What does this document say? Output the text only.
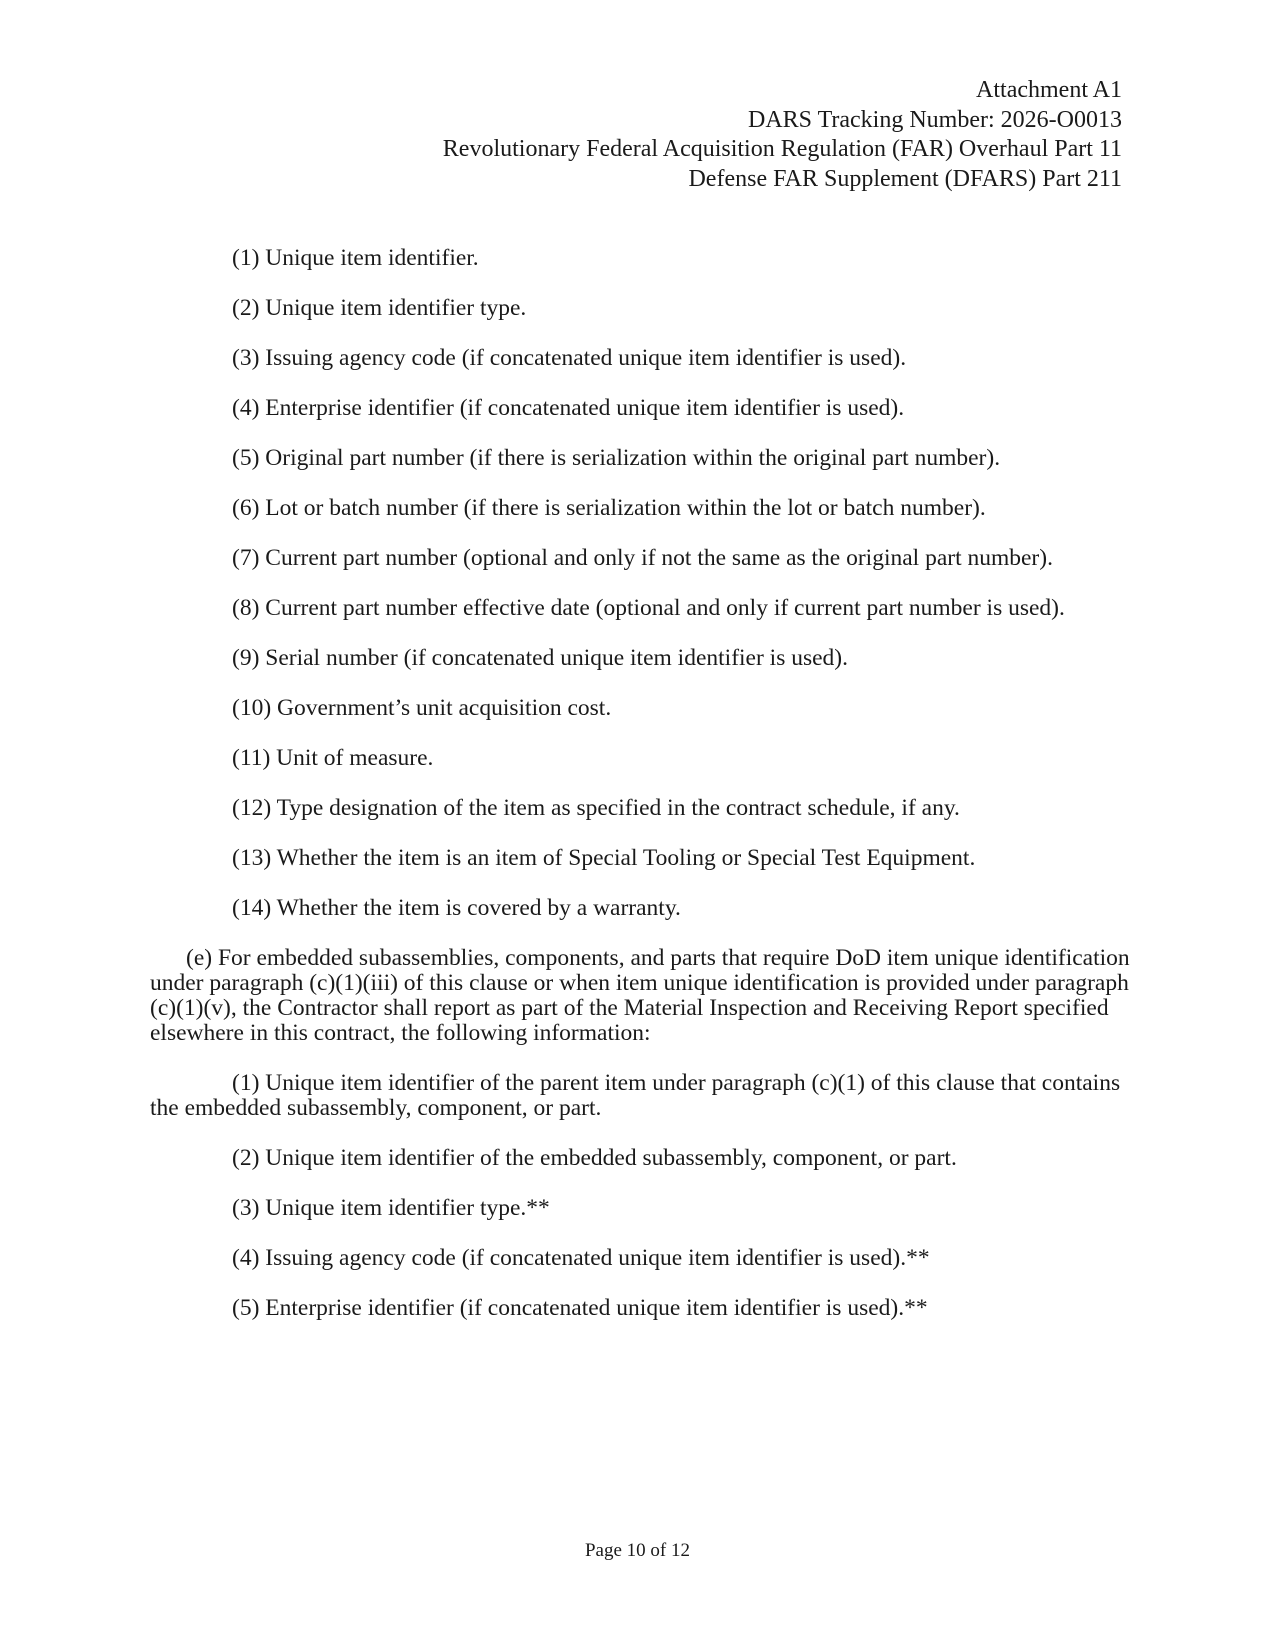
Attachment A1
DARS Tracking Number: 2026-O0013
Revolutionary Federal Acquisition Regulation (FAR) Overhaul Part 11
Defense FAR Supplement (DFARS) Part 211

(1) Unique item identifier.

(2) Unique item identifier type.

(3) Issuing agency code (if concatenated unique item identifier is used).

(4) Enterprise identifier (if concatenated unique item identifier is used).

(5) Original part number (if there is serialization within the original part number).

(6) Lot or batch number (if there is serialization within the lot or batch number).

(7) Current part number (optional and only if not the same as the original part number).

(8) Current part number effective date (optional and only if current part number is used).

(9) Serial number (if concatenated unique item identifier is used).

(10) Government’s unit acquisition cost.

(11) Unit of measure.

(12) Type designation of the item as specified in the contract schedule, if any.

(13) Whether the item is an item of Special Tooling or Special Test Equipment.

(14) Whether the item is covered by a warranty.

(e) For embedded subassemblies, components, and parts that require DoD item unique identification under paragraph (c)(1)(iii) of this clause or when item unique identification is provided under paragraph (c)(1)(v), the Contractor shall report as part of the Material Inspection and Receiving Report specified elsewhere in this contract, the following information:

(1) Unique item identifier of the parent item under paragraph (c)(1) of this clause that contains the embedded subassembly, component, or part.

(2) Unique item identifier of the embedded subassembly, component, or part.

(3) Unique item identifier type.**

(4) Issuing agency code (if concatenated unique item identifier is used).**

(5) Enterprise identifier (if concatenated unique item identifier is used).**

Page 10 of 12
